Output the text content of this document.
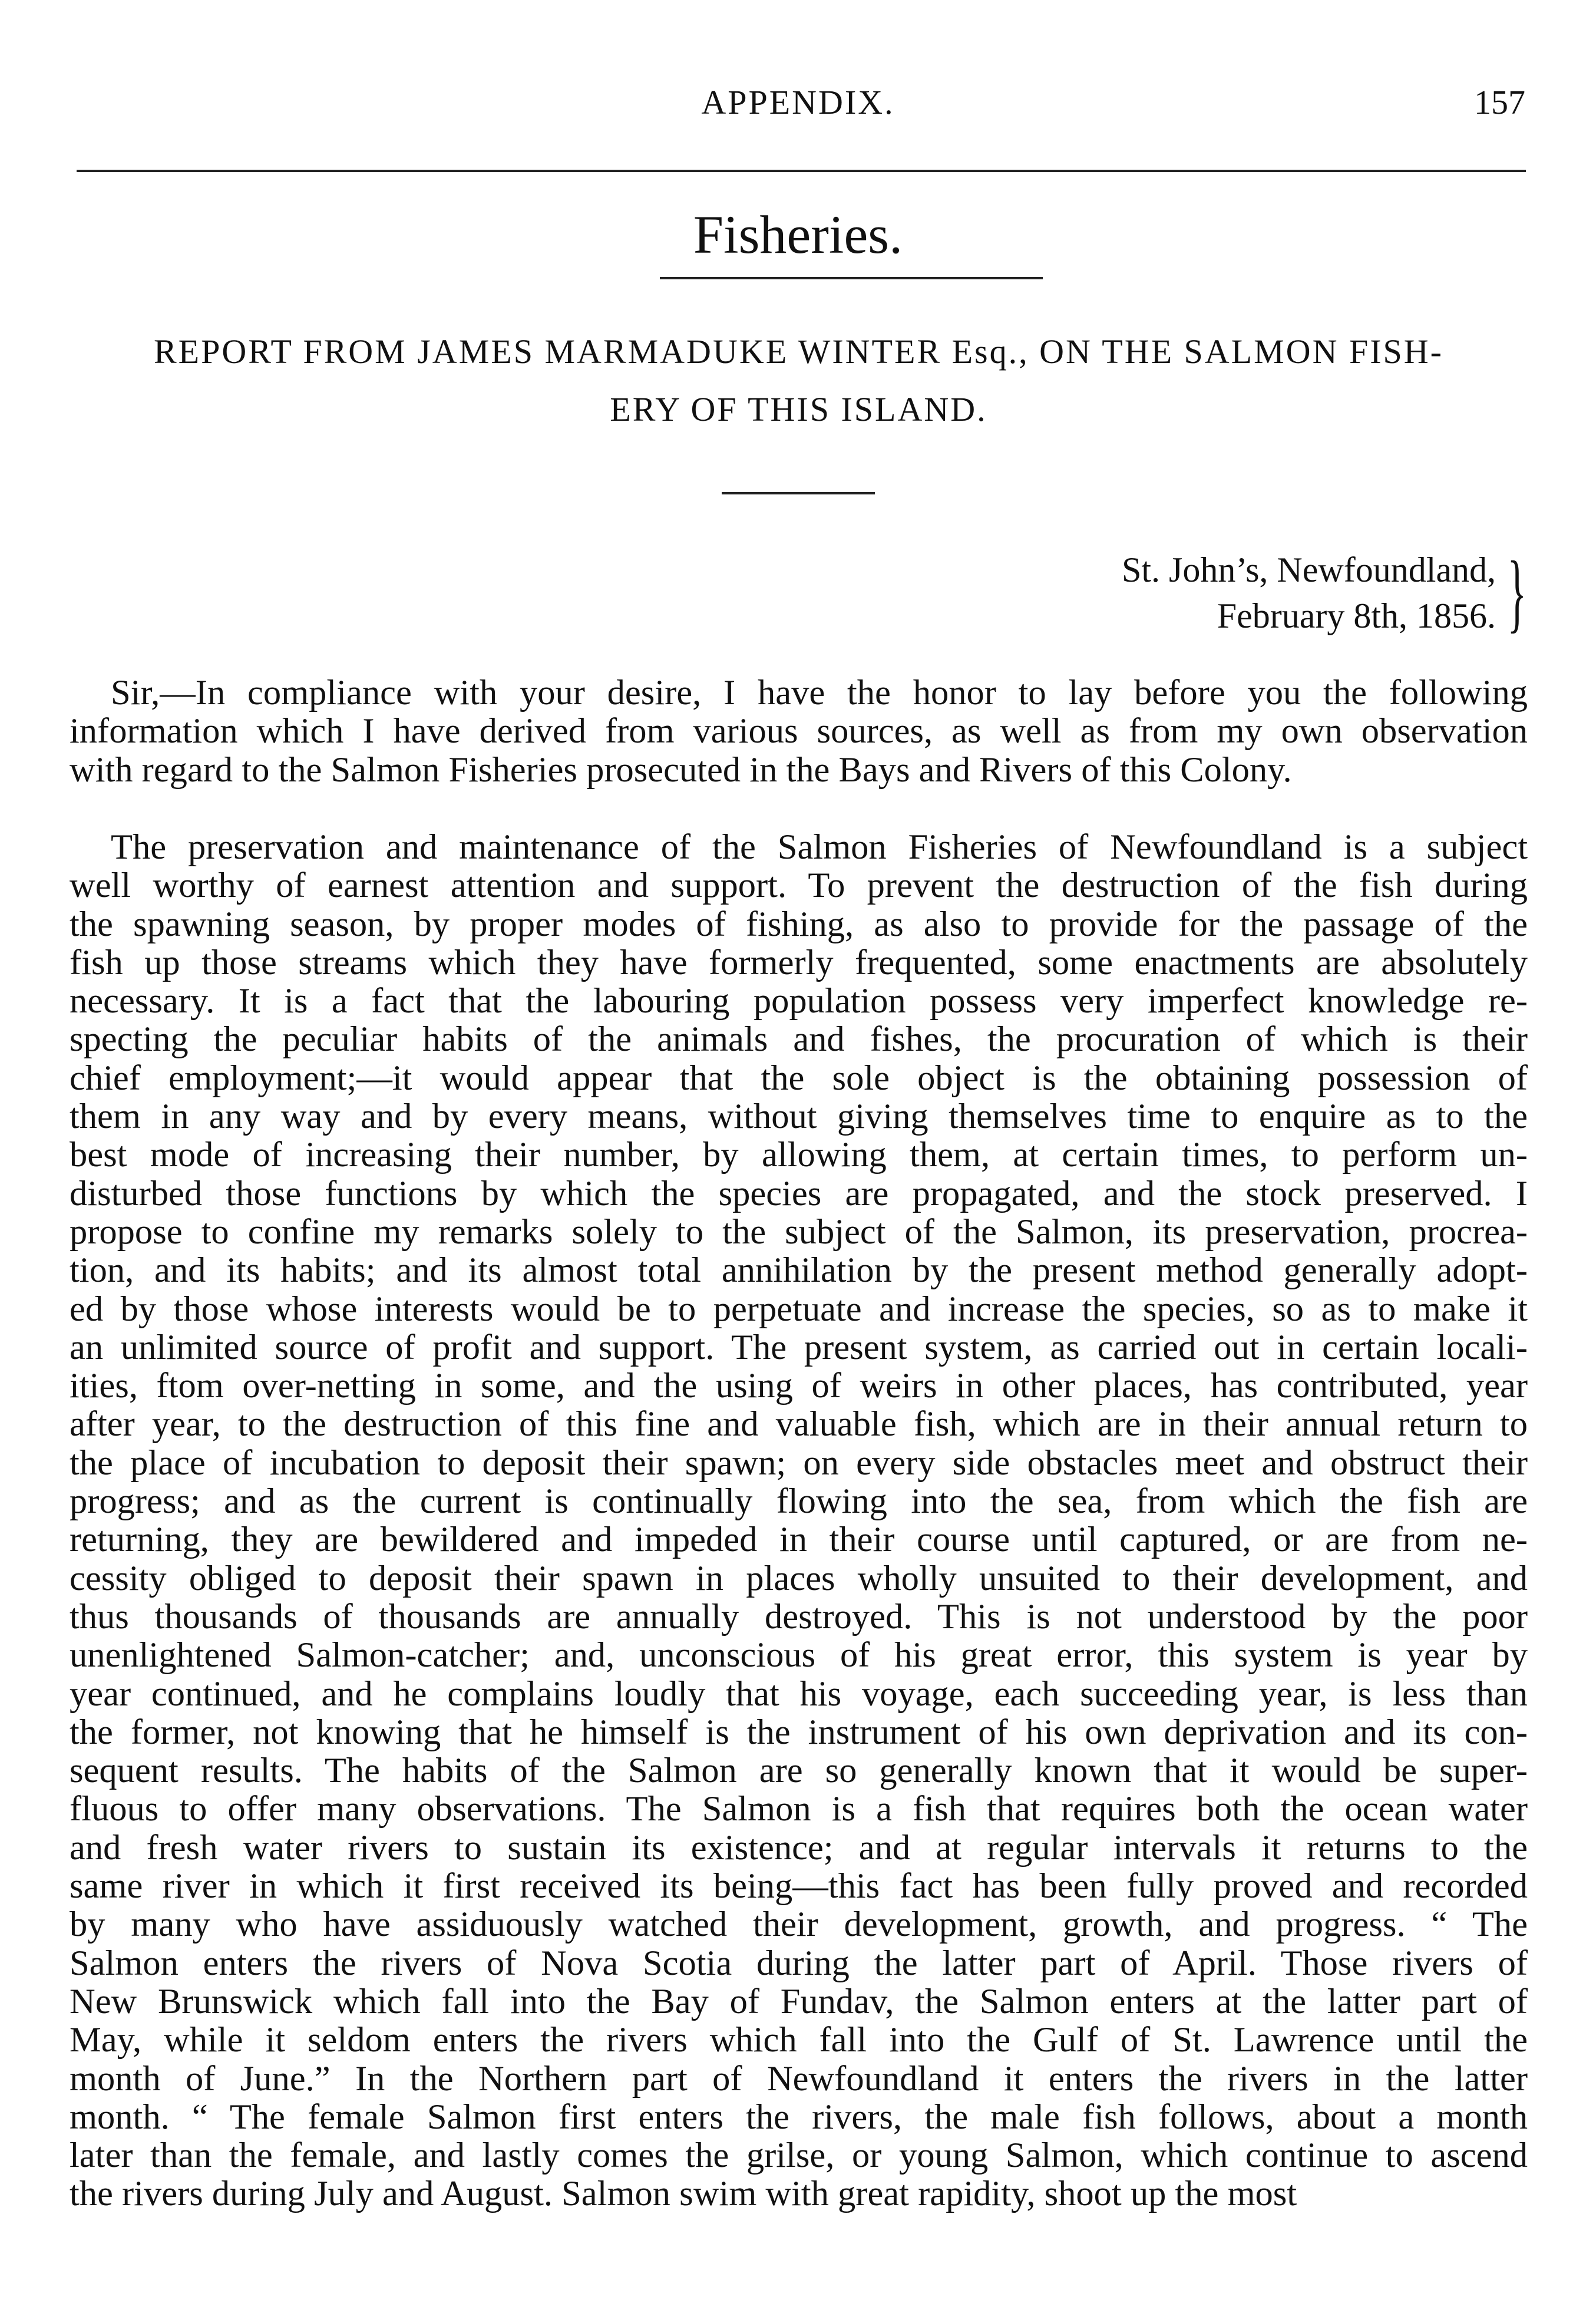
APPENDIX.	157
Fisheries.
REPORT FROM JAMES MARMADUKE WINTER Esq., ON THE SALMON FISH-
ERY OF THIS ISLAND.
St. John’s, Newfoundland,
February 8th, 1856. }
Sir,—In compliance with your desire, I have the honor to lay before you the following
information which I have derived from various sources, as well as from my own observation
with regard to the Salmon Fisheries prosecuted in the Bays and Rivers of this Colony.
The preservation and maintenance of the Salmon Fisheries of Newfoundland is a subject
well worthy of earnest attention and support. To prevent the destruction of the fish during
the spawning season, by proper modes of fishing, as also to provide for the passage of the
fish up those streams which they have formerly frequented, some enactments are absolutely
necessary. It is a fact that the labouring population possess very imperfect knowledge re-
specting the peculiar habits of the animals and fishes, the procuration of which is their
chief employment;—it would appear that the sole object is the obtaining possession of
them in any way and by every means, without giving themselves time to enquire as to the
best mode of increasing their number, by allowing them, at certain times, to perform un-
disturbed those functions by which the species are propagated, and the stock preserved. I
propose to confine my remarks solely to the subject of the Salmon, its preservation, procrea-
tion, and its habits; and its almost total annihilation by the present method generally adopt-
ed by those whose interests would be to perpetuate and increase the species, so as to make it
an unlimited source of profit and support. The present system, as carried out in certain locali-
ities, ftom over-netting in some, and the using of weirs in other places, has contributed, year
after year, to the destruction of this fine and valuable fish, which are in their annual return to
the place of incubation to deposit their spawn; on every side obstacles meet and obstruct their
progress; and as the current is continually flowing into the sea, from which the fish are
returning, they are bewildered and impeded in their course until captured, or are from ne-
cessity obliged to deposit their spawn in places wholly unsuited to their development, and
thus thousands of thousands are annually destroyed. This is not understood by the poor
unenlightened Salmon-catcher; and, unconscious of his great error, this system is year by
year continued, and he complains loudly that his voyage, each succeeding year, is less than
the former, not knowing that he himself is the instrument of his own deprivation and its con-
sequent results. The habits of the Salmon are so generally known that it would be super-
fluous to offer many observations. The Salmon is a fish that requires both the ocean water
and fresh water rivers to sustain its existence; and at regular intervals it returns to the
same river in which it first received its being—this fact has been fully proved and recorded
by many who have assiduously watched their development, growth, and progress. “ The
Salmon enters the rivers of Nova Scotia during the latter part of April. Those rivers of
New Brunswick which fall into the Bay of Fundav, the Salmon enters at the latter part of
May, while it seldom enters the rivers which fall into the Gulf of St. Lawrence until the
month of June.” In the Northern part of Newfoundland it enters the rivers in the latter
month. “ The female Salmon first enters the rivers, the male fish follows, about a month
later than the female, and lastly comes the grilse, or young Salmon, which continue to ascend
the rivers during July and August. Salmon swim with great rapidity, shoot up the most
